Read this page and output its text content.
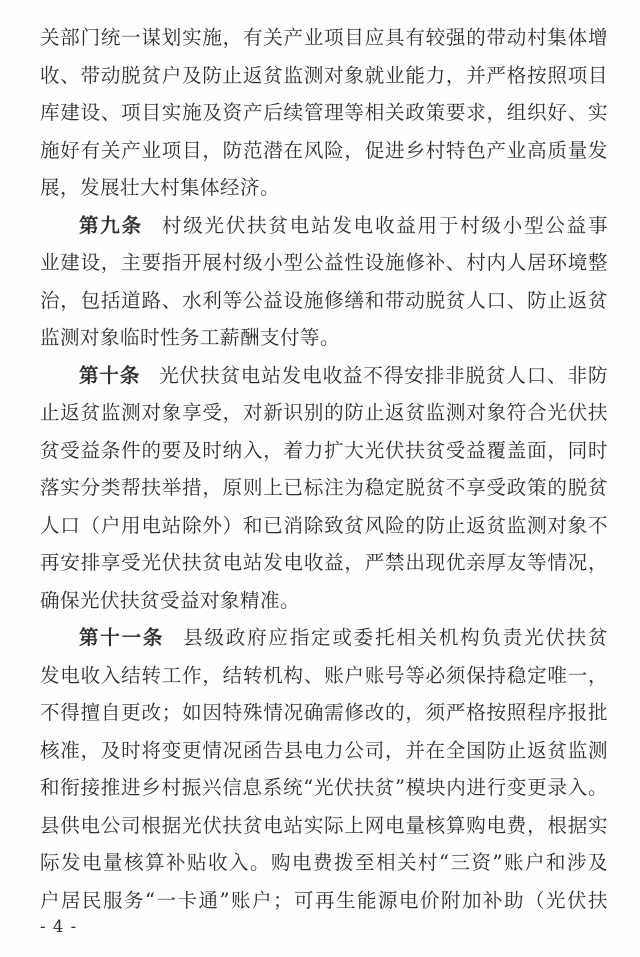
关部门统一谋划实施，有关产业项目应具有较强的带动村集体增
收、带动脱贫户及防止返贫监测对象就业能力，并严格按照项目
库建设、项目实施及资产后续管理等相关政策要求，组织好、实
施好有关产业项目，防范潜在风险，促进乡村特色产业高质量发
展，发展壮大村集体经济。
第九条 村级光伏扶贫电站发电收益用于村级小型公益事
业建设，主要指开展村级小型公益性设施修补、村内人居环境整
治，包括道路、水利等公益设施修缮和带动脱贫人口、防止返贫
监测对象临时性务工薪酬支付等。
第十条 光伏扶贫电站发电收益不得安排非脱贫人口、非防
止返贫监测对象享受，对新识别的防止返贫监测对象符合光伏扶
贫受益条件的要及时纳入，着力扩大光伏扶贫受益覆盖面，同时
落实分类帮扶举措，原则上已标注为稳定脱贫不享受政策的脱贫
人口（户用电站除外）和已消除致贫风险的防止返贫监测对象不
再安排享受光伏扶贫电站发电收益，严禁出现优亲厚友等情况，
确保光伏扶贫受益对象精准。
第十一条 县级政府应指定或委托相关机构负责光伏扶贫
发电收入结转工作，结转机构、账户账号等必须保持稳定唯一，
不得擅自更改；如因特殊情况确需修改的，须严格按照程序报批
核准，及时将变更情况函告县电力公司，并在全国防止返贫监测
和衔接推进乡村振兴信息系统“光伏扶贫”模块内进行变更录入。
县供电公司根据光伏扶贫电站实际上网电量核算购电费，根据实
际发电量核算补贴收入。购电费拨至相关村“三资”账户和涉及
户居民服务“一卡通”账户；可再生能源电价附加补助（光伏扶
- 4 -
